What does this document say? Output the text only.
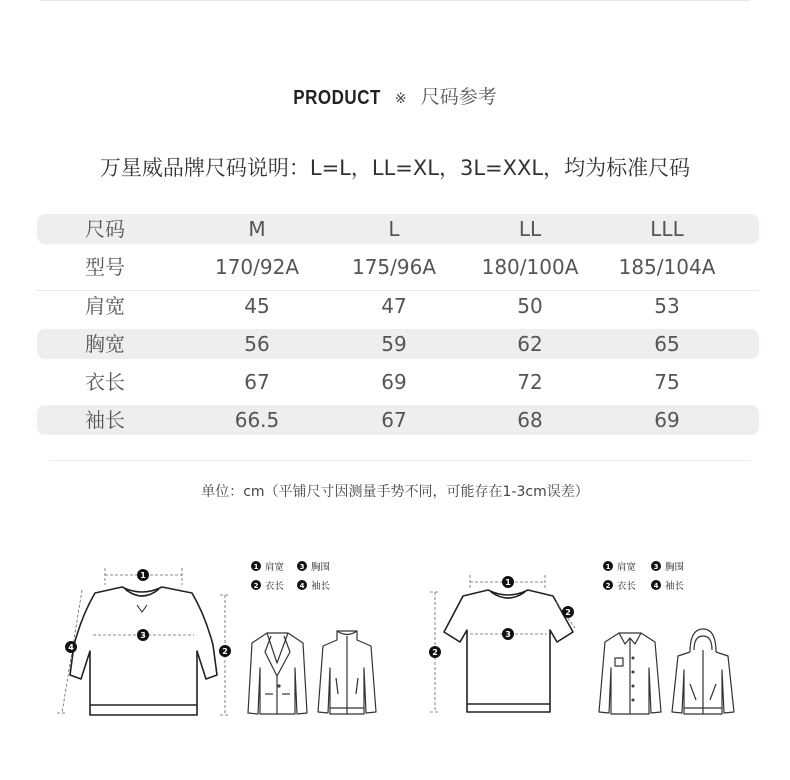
PRODUCT ※ 尺码参考
万星威品牌尺码说明：L=L，LL=XL，3L=XXL，均为标准尺码
尺码	M	L	LL	LLL
型号	170/92A	175/96A	180/100A	185/104A
肩宽	45	47	50	53
胸宽	56	59	62	65
衣长	67	69	72	75
袖长	66.5	67	68	69
单位：cm（平铺尺寸因测量手势不同，可能存在1-3cm误差）
1
3
2
4
1 肩宽 3 胸围
2 衣长 4 袖长	1
3
2
2
1 肩宽	3 胸围
2 衣长	4 袖长
